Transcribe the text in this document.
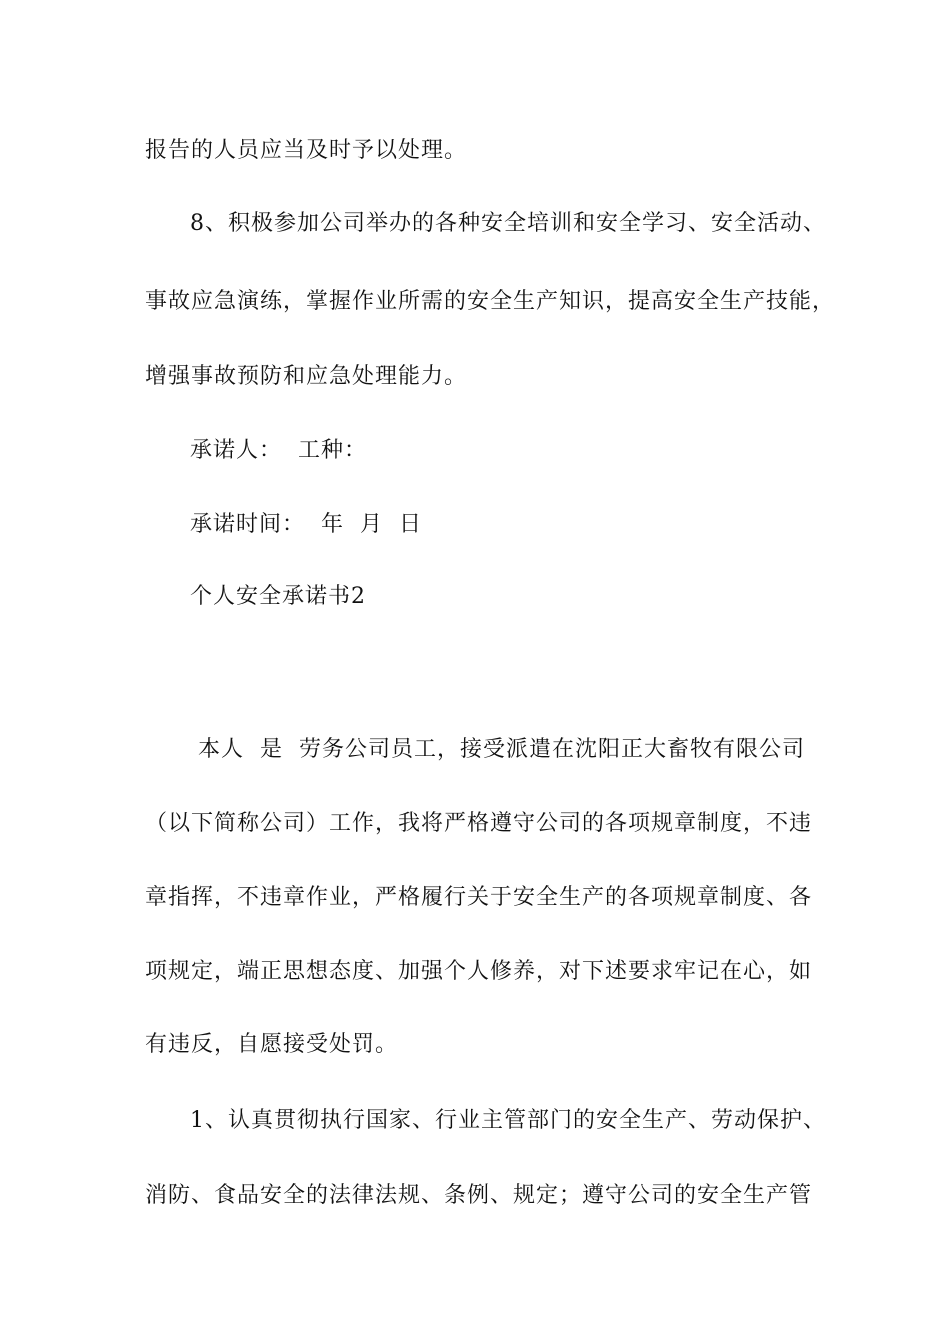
报告的人员应当及时予以处理。
8、积极参加公司举办的各种安全培训和安全学习、安全活动、
事故应急演练，掌握作业所需的安全生产知识，提高安全生产技能，
增强事故预防和应急处理能力。
承诺人：  工种：
承诺时间：  年  月  日
个人安全承诺书2
本人  是  劳务公司员工，接受派遣在沈阳正大畜牧有限公司
（以下简称公司）工作，我将严格遵守公司的各项规章制度，不违
章指挥，不违章作业，严格履行关于安全生产的各项规章制度、各
项规定，端正思想态度、加强个人修养，对下述要求牢记在心，如
有违反，自愿接受处罚。
1、认真贯彻执行国家、行业主管部门的安全生产、劳动保护、
消防、食品安全的法律法规、条例、规定；遵守公司的安全生产管
